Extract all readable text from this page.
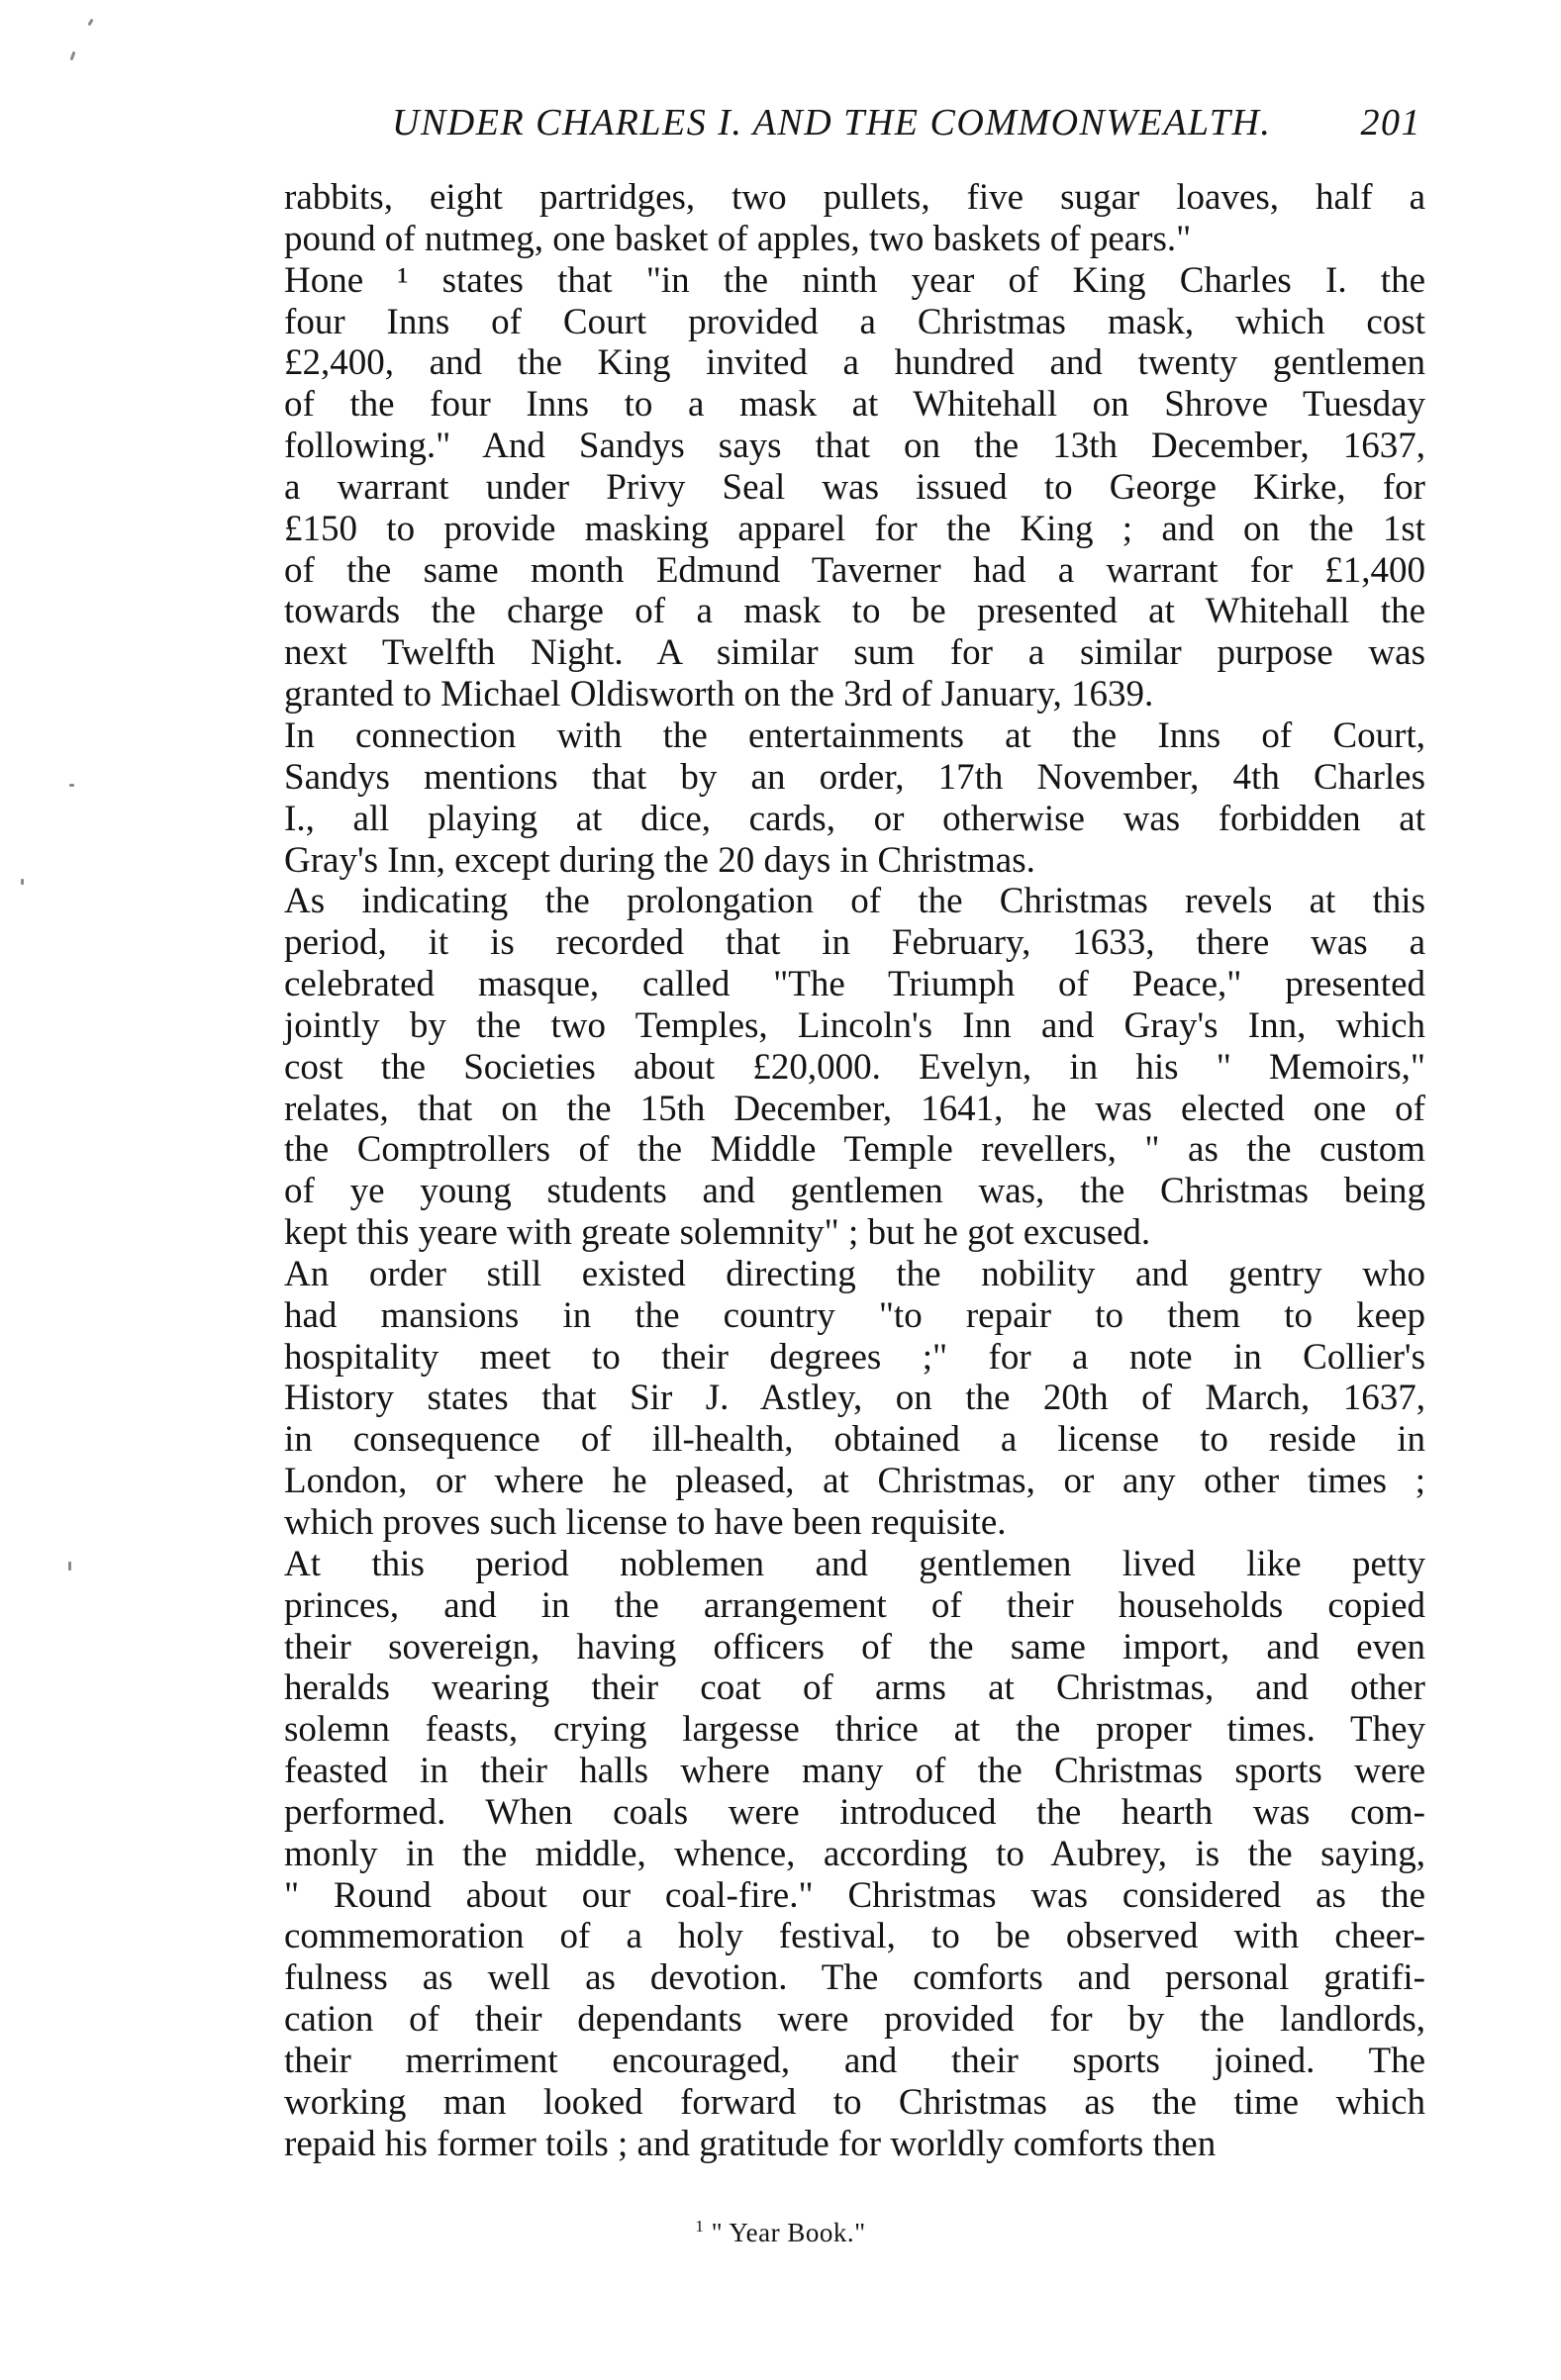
UNDER CHARLES I. AND THE COMMONWEALTH. 201
rabbits, eight partridges, two pullets, five sugar loaves, half a
pound of nutmeg, one basket of apples, two baskets of pears."
Hone ¹ states that "in the ninth year of King Charles I. the
four Inns of Court provided a Christmas mask, which cost
£2,400, and the King invited a hundred and twenty gentlemen
of the four Inns to a mask at Whitehall on Shrove Tuesday
following." And Sandys says that on the 13th December, 1637,
a warrant under Privy Seal was issued to George Kirke, for
£150 to provide masking apparel for the King ; and on the 1st
of the same month Edmund Taverner had a warrant for £1,400
towards the charge of a mask to be presented at Whitehall the
next Twelfth Night. A similar sum for a similar purpose was
granted to Michael Oldisworth on the 3rd of January, 1639.
In connection with the entertainments at the Inns of Court,
Sandys mentions that by an order, 17th November, 4th Charles
I., all playing at dice, cards, or otherwise was forbidden at
Gray's Inn, except during the 20 days in Christmas.
As indicating the prolongation of the Christmas revels at this
period, it is recorded that in February, 1633, there was a
celebrated masque, called "The Triumph of Peace," presented
jointly by the two Temples, Lincoln's Inn and Gray's Inn, which
cost the Societies about £20,000. Evelyn, in his " Memoirs,"
relates, that on the 15th December, 1641, he was elected one of
the Comptrollers of the Middle Temple revellers, " as the custom
of ye young students and gentlemen was, the Christmas being
kept this yeare with greate solemnity" ; but he got excused.
An order still existed directing the nobility and gentry who
had mansions in the country "to repair to them to keep
hospitality meet to their degrees ;" for a note in Collier's
History states that Sir J. Astley, on the 20th of March, 1637,
in consequence of ill-health, obtained a license to reside in
London, or where he pleased, at Christmas, or any other times ;
which proves such license to have been requisite.
At this period noblemen and gentlemen lived like petty
princes, and in the arrangement of their households copied
their sovereign, having officers of the same import, and even
heralds wearing their coat of arms at Christmas, and other
solemn feasts, crying largesse thrice at the proper times. They
feasted in their halls where many of the Christmas sports were
performed. When coals were introduced the hearth was com-
monly in the middle, whence, according to Aubrey, is the saying,
" Round about our coal-fire." Christmas was considered as the
commemoration of a holy festival, to be observed with cheer-
fulness as well as devotion. The comforts and personal gratifi-
cation of their dependants were provided for by the landlords,
their merriment encouraged, and their sports joined. The
working man looked forward to Christmas as the time which
repaid his former toils ; and gratitude for worldly comforts then
$^1$ " Year Book."
